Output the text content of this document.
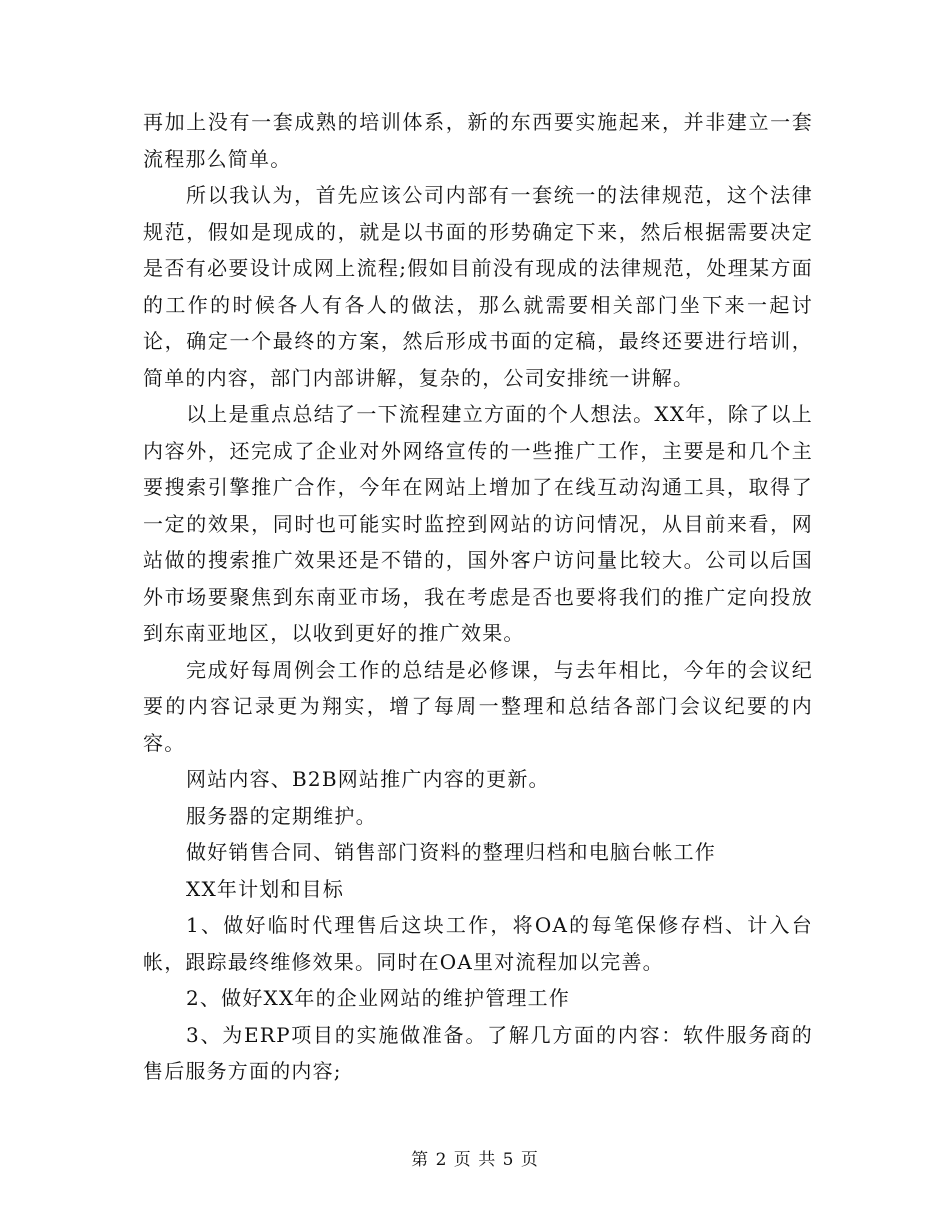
再加上没有一套成熟的培训体系，新的东西要实施起来，并非建立一套流程那么简单。

所以我认为，首先应该公司内部有一套统一的法律规范，这个法律规范，假如是现成的，就是以书面的形势确定下来，然后根据需要决定是否有必要设计成网上流程;假如目前没有现成的法律规范，处理某方面的工作的时候各人有各人的做法，那么就需要相关部门坐下来一起讨论，确定一个最终的方案，然后形成书面的定稿，最终还要进行培训，简单的内容，部门内部讲解，复杂的，公司安排统一讲解。

以上是重点总结了一下流程建立方面的个人想法。XX年，除了以上内容外，还完成了企业对外网络宣传的一些推广工作，主要是和几个主要搜索引擎推广合作，今年在网站上增加了在线互动沟通工具，取得了一定的效果，同时也可能实时监控到网站的访问情况，从目前来看，网站做的搜索推广效果还是不错的，国外客户访问量比较大。公司以后国外市场要聚焦到东南亚市场，我在考虑是否也要将我们的推广定向投放到东南亚地区，以收到更好的推广效果。

完成好每周例会工作的总结是必修课，与去年相比，今年的会议纪要的内容记录更为翔实，增了每周一整理和总结各部门会议纪要的内容。

网站内容、B2B网站推广内容的更新。

服务器的定期维护。

做好销售合同、销售部门资料的整理归档和电脑台帐工作

XX年计划和目标

1、做好临时代理售后这块工作，将OA的每笔保修存档、计入台帐，跟踪最终维修效果。同时在OA里对流程加以完善。

2、做好XX年的企业网站的维护管理工作

3、为ERP项目的实施做准备。了解几方面的内容：软件服务商的售后服务方面的内容;

第 2 页 共 5 页
